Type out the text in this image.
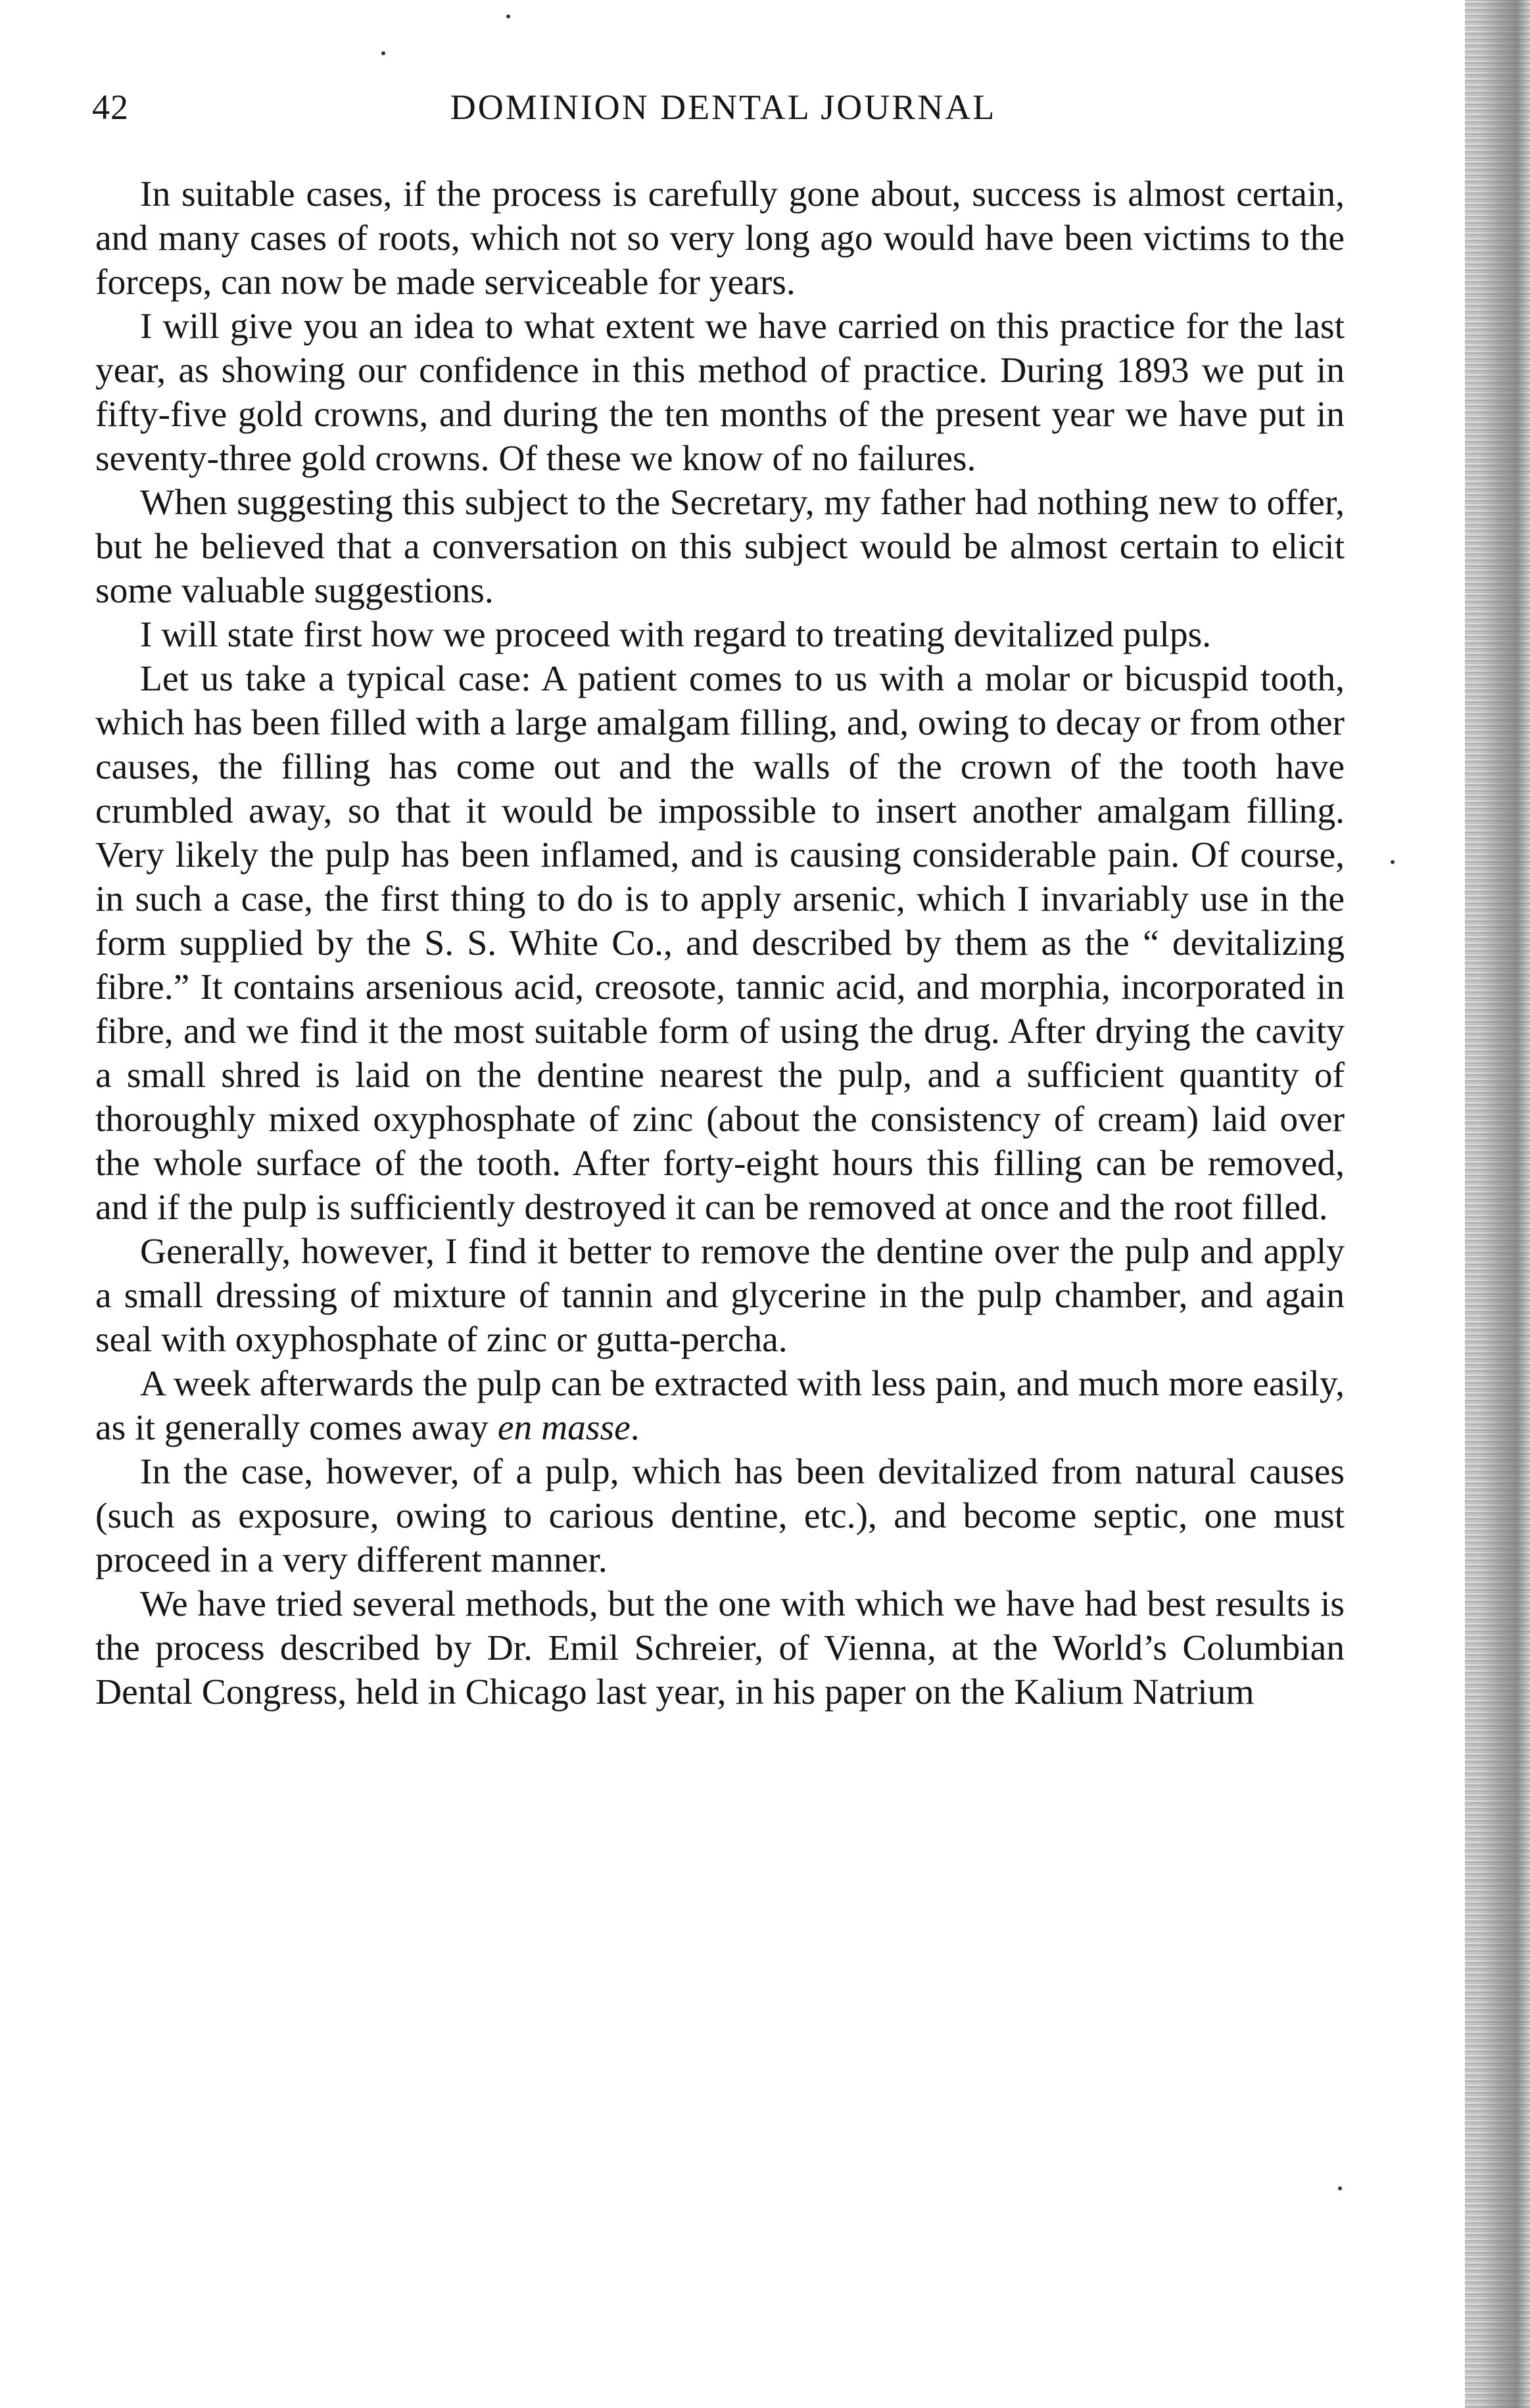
42	DOMINION DENTAL JOURNAL

In suitable cases, if the process is carefully gone about, success is almost certain, and many cases of roots, which not so very long ago would have been victims to the forceps, can now be made serviceable for years.

I will give you an idea to what extent we have carried on this practice for the last year, as showing our confidence in this method of practice. During 1893 we put in fifty-five gold crowns, and during the ten months of the present year we have put in seventy-three gold crowns. Of these we know of no failures.

When suggesting this subject to the Secretary, my father had nothing new to offer, but he believed that a conversation on this subject would be almost certain to elicit some valuable suggestions.

I will state first how we proceed with regard to treating devitalized pulps.

Let us take a typical case: A patient comes to us with a molar or bicuspid tooth, which has been filled with a large amalgam filling, and, owing to decay or from other causes, the filling has come out and the walls of the crown of the tooth have crumbled away, so that it would be impossible to insert another amalgam filling. Very likely the pulp has been inflamed, and is causing considerable pain. Of course, in such a case, the first thing to do is to apply arsenic, which I invariably use in the form supplied by the S. S. White Co., and described by them as the “ devitalizing fibre.” It contains arsenious acid, creosote, tannic acid, and morphia, incorporated in fibre, and we find it the most suitable form of using the drug. After drying the cavity a small shred is laid on the dentine nearest the pulp, and a sufficient quantity of thoroughly mixed oxyphosphate of zinc (about the consistency of cream) laid over the whole surface of the tooth. After forty-eight hours this filling can be removed, and if the pulp is sufficiently destroyed it can be removed at once and the root filled.

Generally, however, I find it better to remove the dentine over the pulp and apply a small dressing of mixture of tannin and glycerine in the pulp chamber, and again seal with oxyphosphate of zinc or gutta-percha.

A week afterwards the pulp can be extracted with less pain, and much more easily, as it generally comes away en masse.

In the case, however, of a pulp, which has been devitalized from natural causes (such as exposure, owing to carious dentine, etc.), and become septic, one must proceed in a very different manner.

We have tried several methods, but the one with which we have had best results is the process described by Dr. Emil Schreier, of Vienna, at the World’s Columbian Dental Congress, held in Chicago last year, in his paper on the Kalium Natrium
